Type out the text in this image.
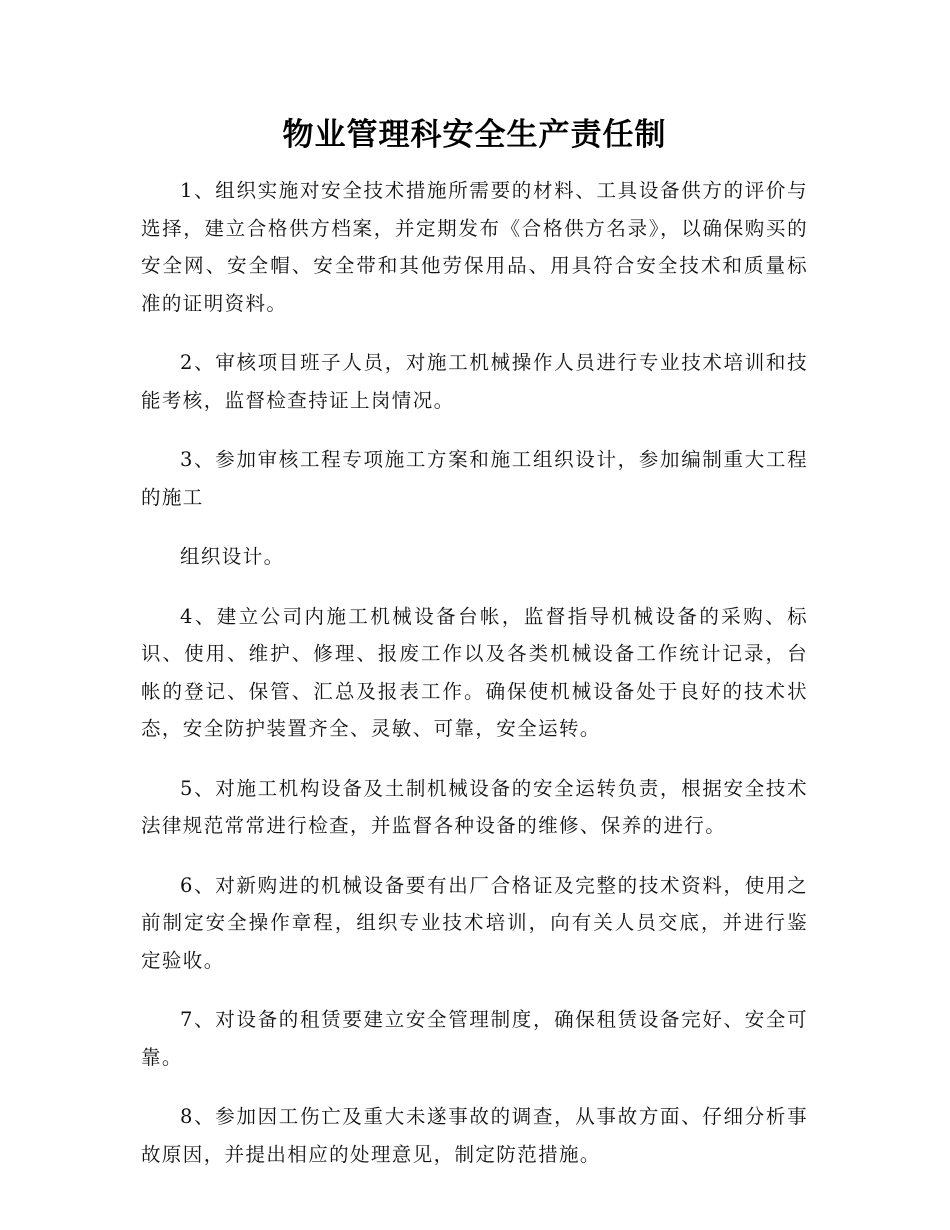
物业管理科安全生产责任制

1、组织实施对安全技术措施所需要的材料、工具设备供方的评价与选择，建立合格供方档案，并定期发布《合格供方名录》，以确保购买的安全网、安全帽、安全带和其他劳保用品、用具符合安全技术和质量标准的证明资料。

2、审核项目班子人员，对施工机械操作人员进行专业技术培训和技能考核，监督检查持证上岗情况。

3、参加审核工程专项施工方案和施工组织设计，参加编制重大工程的施工

组织设计。

4、建立公司内施工机械设备台帐，监督指导机械设备的采购、标识、使用、维护、修理、报废工作以及各类机械设备工作统计记录，台帐的登记、保管、汇总及报表工作。确保使机械设备处于良好的技术状态，安全防护装置齐全、灵敏、可靠，安全运转。

5、对施工机构设备及土制机械设备的安全运转负责，根据安全技术法律规范常常进行检查，并监督各种设备的维修、保养的进行。

6、对新购进的机械设备要有出厂合格证及完整的技术资料，使用之前制定安全操作章程，组织专业技术培训，向有关人员交底，并进行鉴定验收。

7、对设备的租赁要建立安全管理制度，确保租赁设备完好、安全可靠。

8、参加因工伤亡及重大未遂事故的调查，从事故方面、仔细分析事故原因，并提出相应的处理意见，制定防范措施。
